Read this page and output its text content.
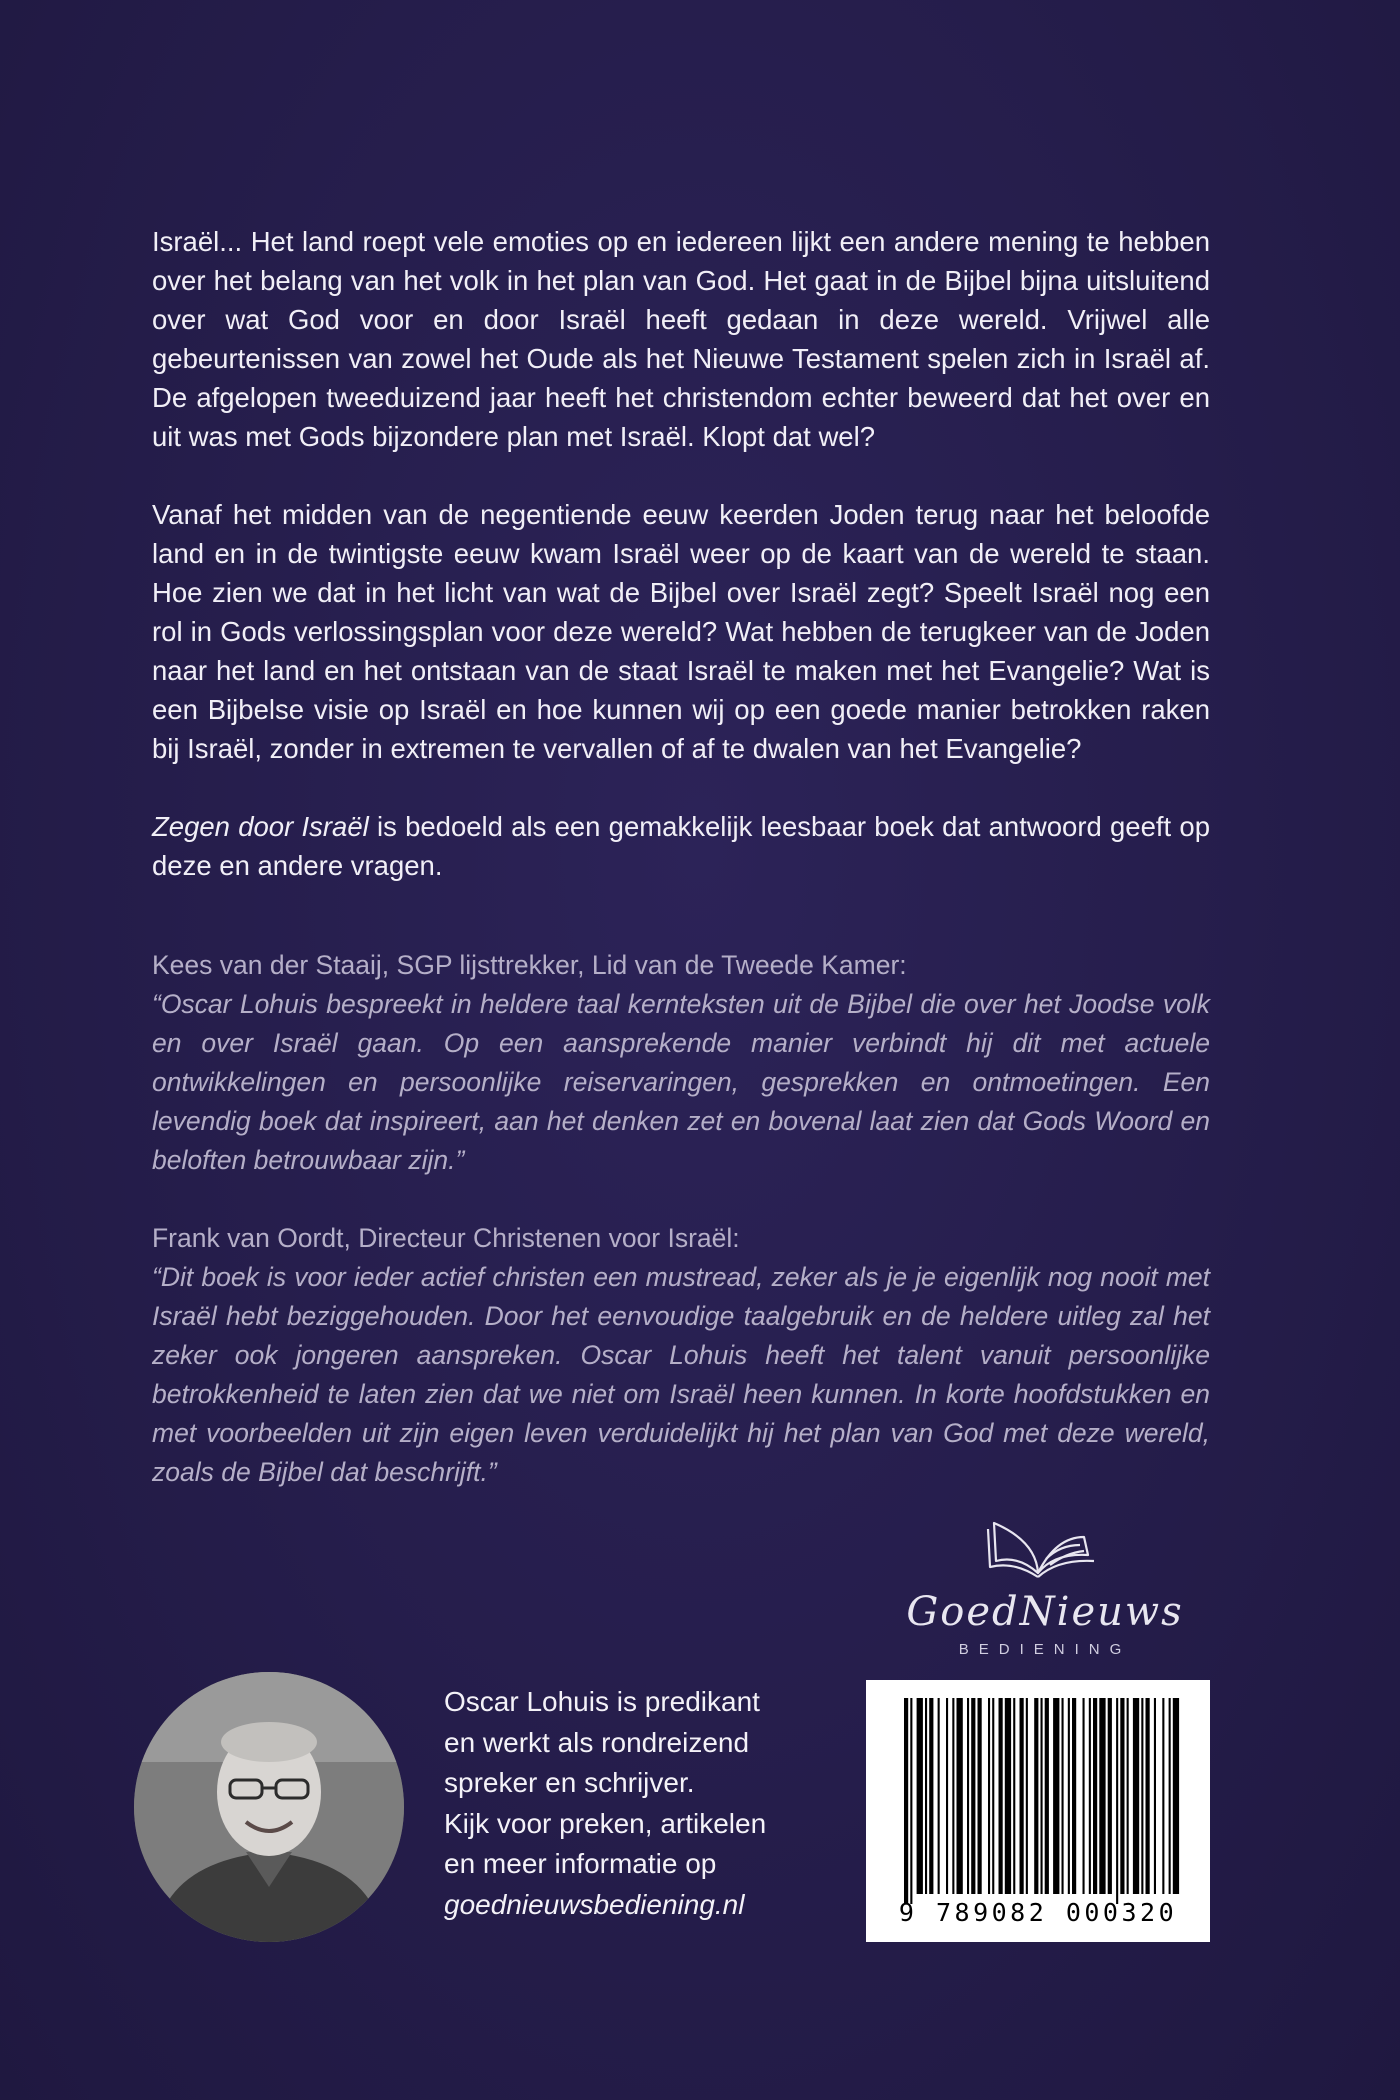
Israël... Het land roept vele emoties op en iedereen lijkt een andere mening te hebben over het belang van het volk in het plan van God. Het gaat in de Bijbel bijna uitsluitend over wat God voor en door Israël heeft gedaan in deze wereld. Vrijwel alle gebeurtenissen van zowel het Oude als het Nieuwe Testament spelen zich in Israël af. De afgelopen tweeduizend jaar heeft het christendom echter beweerd dat het over en uit was met Gods bijzondere plan met Israël. Klopt dat wel?

Vanaf het midden van de negentiende eeuw keerden Joden terug naar het beloofde land en in de twintigste eeuw kwam Israël weer op de kaart van de wereld te staan. Hoe zien we dat in het licht van wat de Bijbel over Israël zegt? Speelt Israël nog een rol in Gods verlossingsplan voor deze wereld? Wat hebben de terugkeer van de Joden naar het land en het ontstaan van de staat Israël te maken met het Evangelie? Wat is een Bijbelse visie op Israël en hoe kunnen wij op een goede manier betrokken raken bij Israël, zonder in extremen te vervallen of af te dwalen van het Evangelie?

Zegen door Israël is bedoeld als een gemakkelijk leesbaar boek dat antwoord geeft op deze en andere vragen.

Kees van der Staaij, SGP lijsttrekker, Lid van de Tweede Kamer:
“Oscar Lohuis bespreekt in heldere taal kernteksten uit de Bijbel die over het Joodse volk en over Israël gaan. Op een aansprekende manier verbindt hij dit met actuele ontwikkelingen en persoonlijke reiservaringen, gesprekken en ontmoetingen. Een levendig boek dat inspireert, aan het denken zet en bovenal laat zien dat Gods Woord en beloften betrouwbaar zijn.”
Frank van Oordt, Directeur Christenen voor Israël:
“Dit boek is voor ieder actief christen een mustread, zeker als je je eigenlijk nog nooit met Israël hebt beziggehouden. Door het eenvoudige taalgebruik en de heldere uitleg zal het zeker ook jongeren aanspreken. Oscar Lohuis heeft het talent vanuit persoonlijke betrokkenheid te laten zien dat we niet om Israël heen kunnen. In korte hoofdstukken en met voorbeelden uit zijn eigen leven verduidelijkt hij het plan van God met deze wereld, zoals de Bijbel dat beschrijft.”
GoedNieuws
BEDIENING
Oscar Lohuis is predikant
en werkt als rondreizend
spreker en schrijver.
Kijk voor preken, artikelen
en meer informatie op
goednieuwsbediening.nl	9 789082 000320
